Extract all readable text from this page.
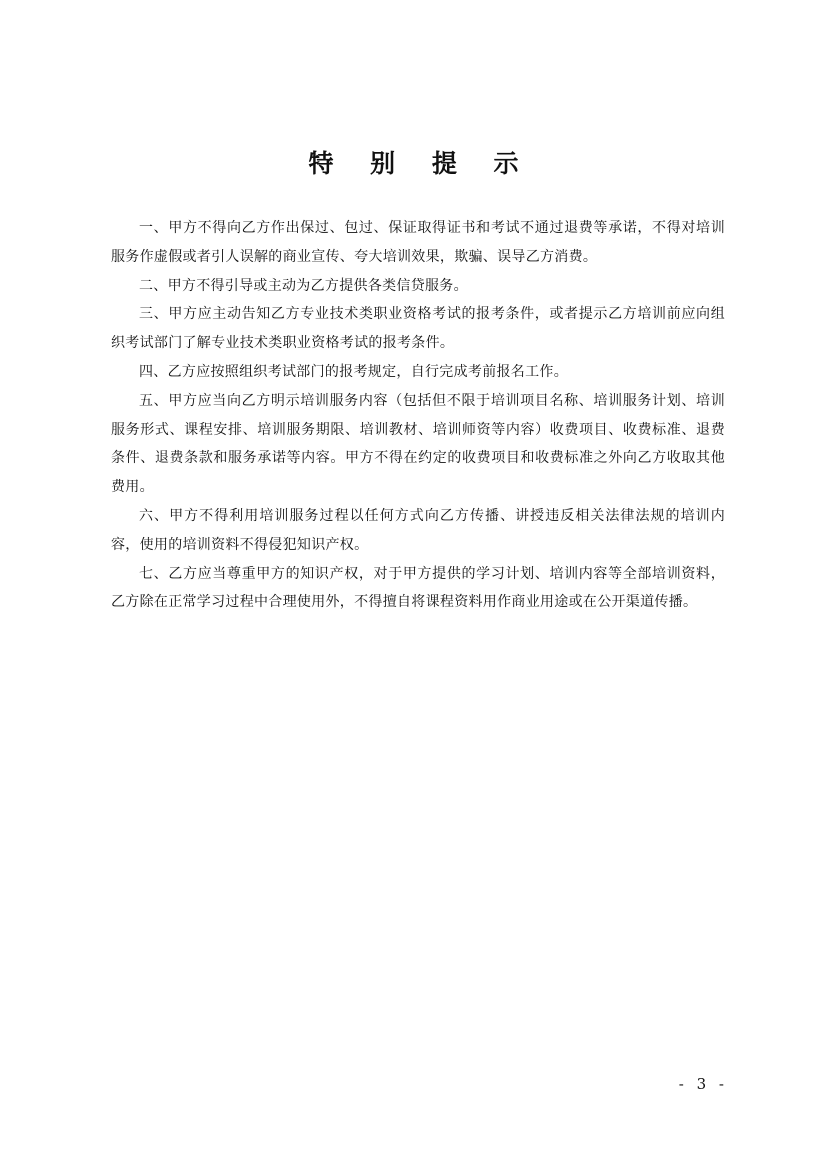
特 别 提 示

一、甲方不得向乙方作出保过、包过、保证取得证书和考试不通过退费等承诺，不得对培训服务作虚假或者引人误解的商业宣传、夸大培训效果，欺骗、误导乙方消费。

二、甲方不得引导或主动为乙方提供各类信贷服务。

三、甲方应主动告知乙方专业技术类职业资格考试的报考条件，或者提示乙方培训前应向组织考试部门了解专业技术类职业资格考试的报考条件。

四、乙方应按照组织考试部门的报考规定，自行完成考前报名工作。

五、甲方应当向乙方明示培训服务内容（包括但不限于培训项目名称、培训服务计划、培训服务形式、课程安排、培训服务期限、培训教材、培训师资等内容）收费项目、收费标准、退费条件、退费条款和服务承诺等内容。甲方不得在约定的收费项目和收费标准之外向乙方收取其他费用。

六、甲方不得利用培训服务过程以任何方式向乙方传播、讲授违反相关法律法规的培训内容，使用的培训资料不得侵犯知识产权。

七、乙方应当尊重甲方的知识产权，对于甲方提供的学习计划、培训内容等全部培训资料，乙方除在正常学习过程中合理使用外，不得擅自将课程资料用作商业用途或在公开渠道传播。

- 3 -
